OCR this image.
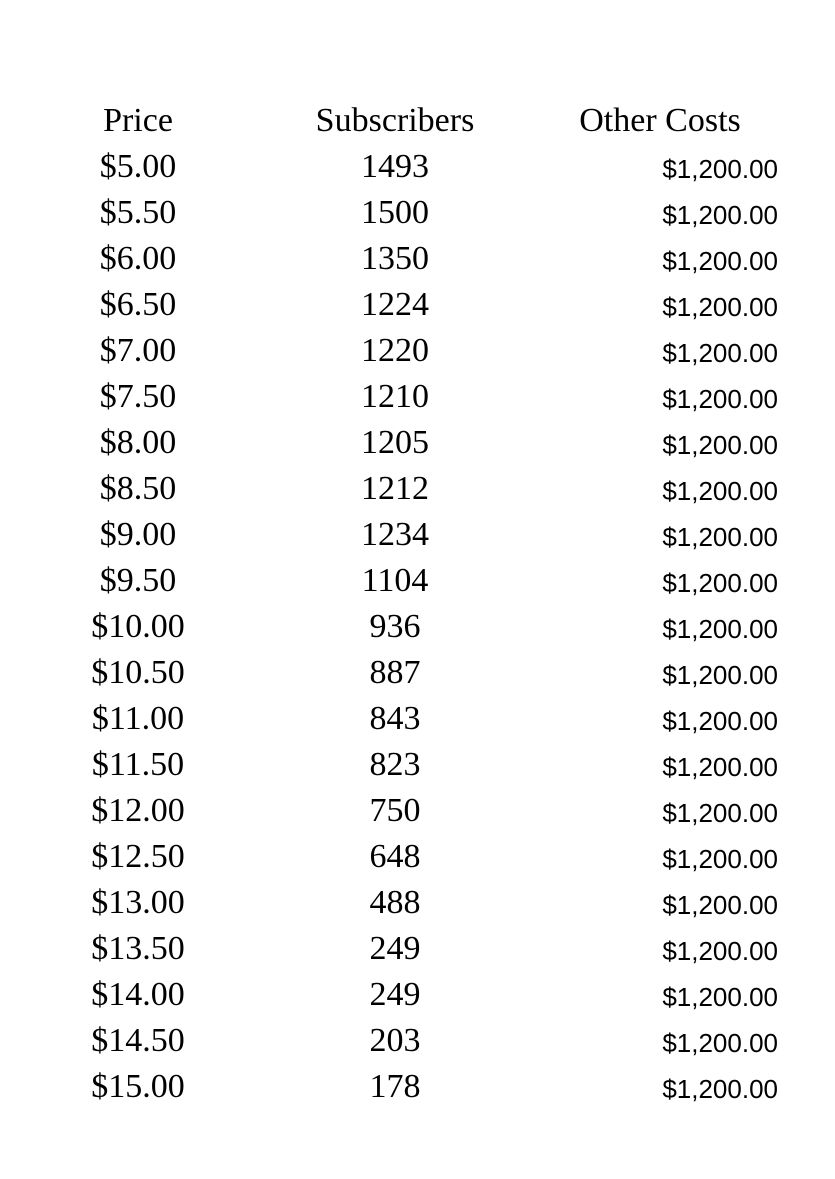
Price	Subscribers	Other Costs
$5.00	1493	$1,200.00
$5.50	1500	$1,200.00
$6.00	1350	$1,200.00
$6.50	1224	$1,200.00
$7.00	1220	$1,200.00
$7.50	1210	$1,200.00
$8.00	1205	$1,200.00
$8.50	1212	$1,200.00
$9.00	1234	$1,200.00
$9.50	1104	$1,200.00
$10.00	936	$1,200.00
$10.50	887	$1,200.00
$11.00	843	$1,200.00
$11.50	823	$1,200.00
$12.00	750	$1,200.00
$12.50	648	$1,200.00
$13.00	488	$1,200.00
$13.50	249	$1,200.00
$14.00	249	$1,200.00
$14.50	203	$1,200.00
$15.00	178	$1,200.00
